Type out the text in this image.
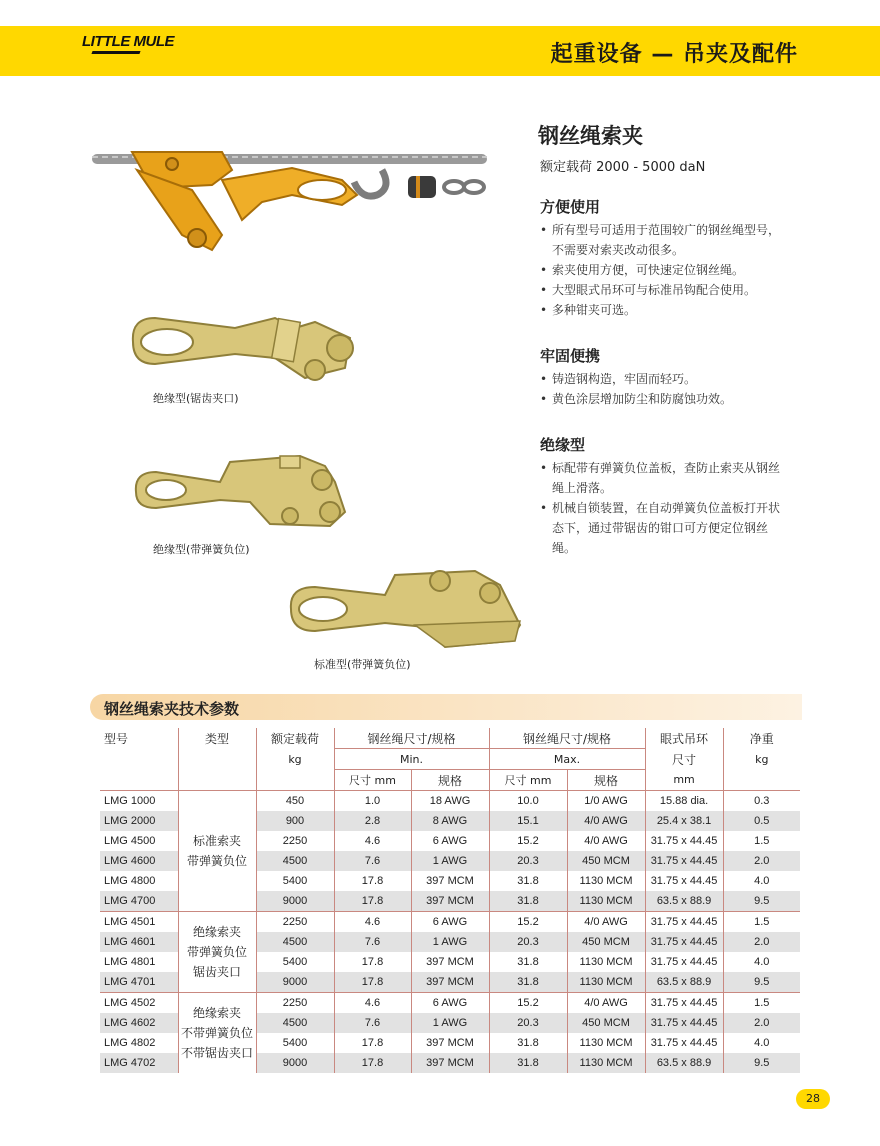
LITTLE MULE
起重设备 — 吊夹及配件
绝缘型(锯齿夹口)
绝缘型(带弹簧负位)
标准型(带弹簧负位)
钢丝绳索夹
额定载荷 2000 - 5000 daN
方便使用
• 所有型号可适用于范围较广的钢丝绳型号，不需要对索夹改动很多。
• 索夹使用方便，可快速定位钢丝绳。
• 大型眼式吊环可与标准吊钩配合使用。
• 多种钳夹可选。
牢固便携
• 铸造钢构造，牢固而轻巧。
• 黄色涂层增加防尘和防腐蚀功效。
绝缘型
• 标配带有弹簧负位盖板，查防止索夹从钢丝绳上滑落。
• 机械自锁装置，在自动弹簧负位盖板打开状态下，通过带锯齿的钳口可方便定位钢丝绳。
钢丝绳索夹技术参数
型号	类型	额定载荷	钢丝绳尺寸/规格		钢丝绳尺寸/规格		眼式吊环	净重
		kg	Min.		Max.		尺寸	kg
			尺寸 mm	规格	尺寸 mm	规格	mm	
LMG 1000	标准索夹
带弹簧负位	450	1.0	18 AWG	10.0	1/0 AWG	15.88 dia.	0.3
LMG 2000		900	2.8	8 AWG	15.1	4/0 AWG	25.4 x 38.1	0.5
LMG 4500		2250	4.6	6 AWG	15.2	4/0 AWG	31.75 x 44.45	1.5
LMG 4600		4500	7.6	1 AWG	20.3	450 MCM	31.75 x 44.45	2.0
LMG 4800		5400	17.8	397 MCM	31.8	1130 MCM	31.75 x 44.45	4.0
LMG 4700		9000	17.8	397 MCM	31.8	1130 MCM	63.5 x 88.9	9.5
LMG 4501	绝缘索夹
带弹簧负位
锯齿夹口	2250	4.6	6 AWG	15.2	4/0 AWG	31.75 x 44.45	1.5
LMG 4601		4500	7.6	1 AWG	20.3	450 MCM	31.75 x 44.45	2.0
LMG 4801		5400	17.8	397 MCM	31.8	1130 MCM	31.75 x 44.45	4.0
LMG 4701		9000	17.8	397 MCM	31.8	1130 MCM	63.5 x 88.9	9.5
LMG 4502	绝缘索夹
不带弹簧负位
不带锯齿夹口	2250	4.6	6 AWG	15.2	4/0 AWG	31.75 x 44.45	1.5
LMG 4602		4500	7.6	1 AWG	20.3	450 MCM	31.75 x 44.45	2.0
LMG 4802		5400	17.8	397 MCM	31.8	1130 MCM	31.75 x 44.45	4.0
LMG 4702		9000	17.8	397 MCM	31.8	1130 MCM	63.5 x 88.9	9.5
28
